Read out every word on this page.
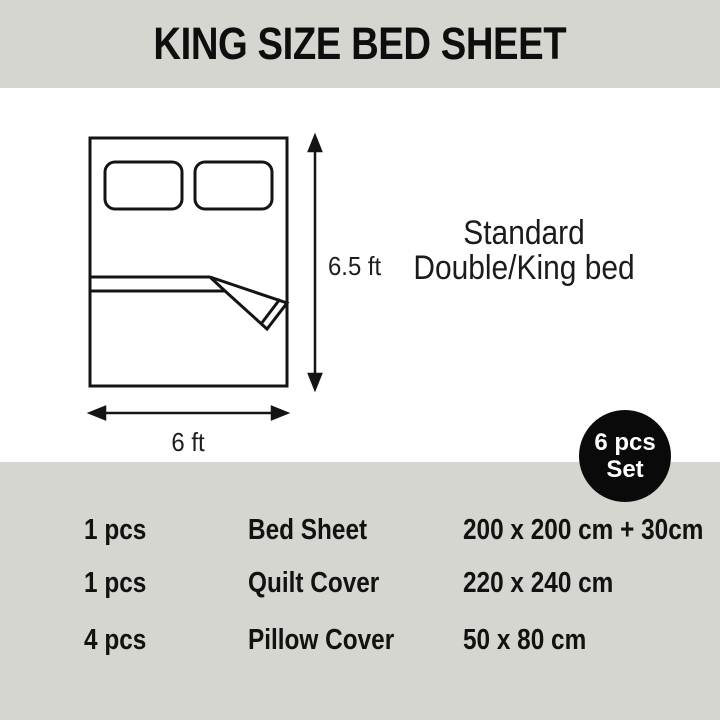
KING SIZE BED SHEET
6.5 ft
6 ft
Standard
Double/King bed
6 pcs
Set
1 pcs	Bed Sheet	200 x 200 cm + 30cm
1 pcs	Quilt Cover	220 x 240 cm
4 pcs	Pillow Cover 50 x 80 cm
